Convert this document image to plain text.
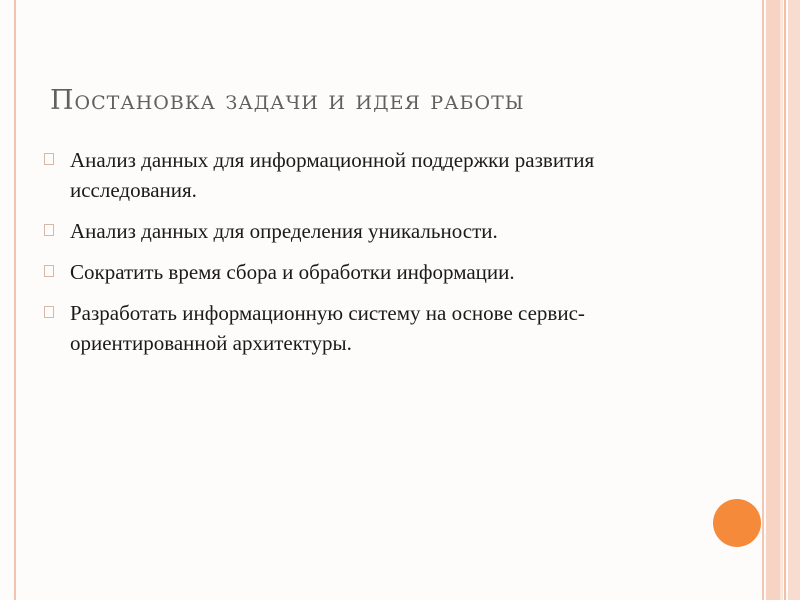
Постановка задачи и идея работы
Анализ данных для информационной поддержки развития исследования.
Анализ данных для определения уникальности.
Сократить время сбора и обработки информации.
Разработать информационную систему на основе сервис-ориентированной архитектуры.
